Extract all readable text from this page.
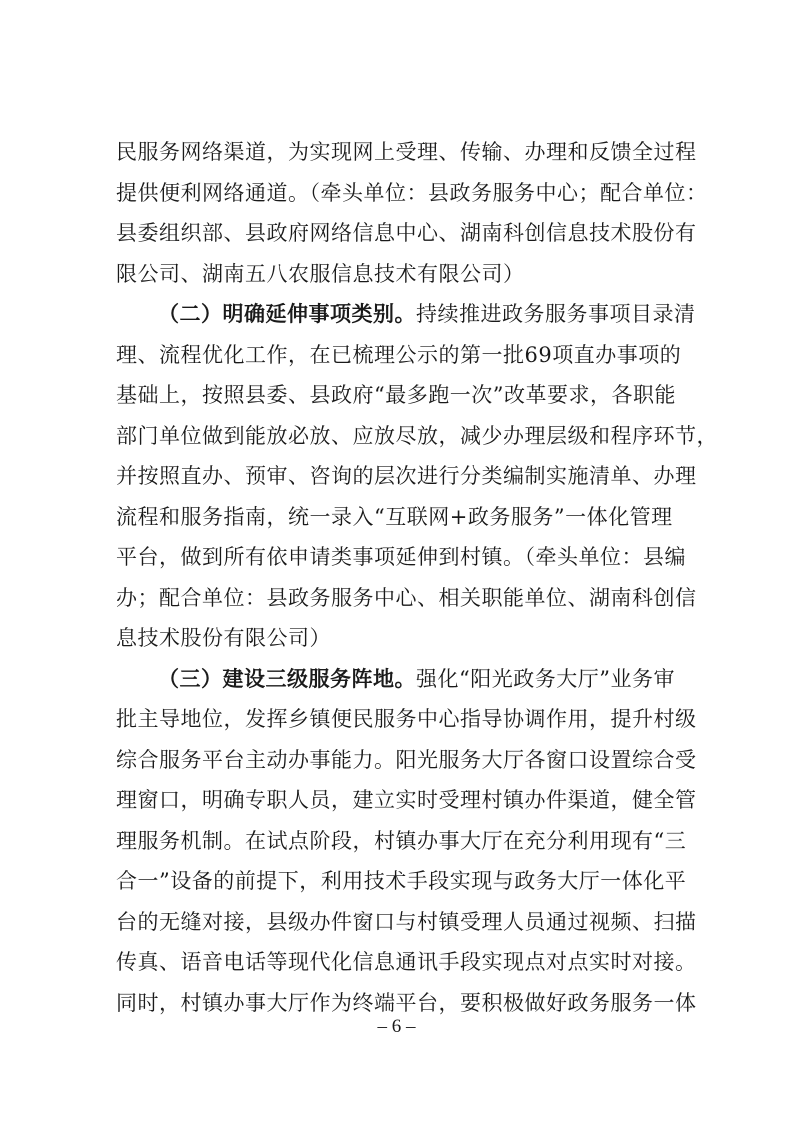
民服务网络渠道，为实现网上受理、传输、办理和反馈全过程
提供便利网络通道。（牵头单位：县政务服务中心；配合单位：
县委组织部、县政府网络信息中心、湖南科创信息技术股份有
限公司、湖南五八农服信息技术有限公司）
（二）明确延伸事项类别。持续推进政务服务事项目录清
理、流程优化工作，在已梳理公示的第一批69项直办事项的
基础上，按照县委、县政府“最多跑一次”改革要求，各职能
部门单位做到能放必放、应放尽放，减少办理层级和程序环节，
并按照直办、预审、咨询的层次进行分类编制实施清单、办理
流程和服务指南，统一录入“互联网+政务服务”一体化管理
平台，做到所有依申请类事项延伸到村镇。（牵头单位：县编
办；配合单位：县政务服务中心、相关职能单位、湖南科创信
息技术股份有限公司）
（三）建设三级服务阵地。强化“阳光政务大厅”业务审
批主导地位，发挥乡镇便民服务中心指导协调作用，提升村级
综合服务平台主动办事能力。阳光服务大厅各窗口设置综合受
理窗口，明确专职人员，建立实时受理村镇办件渠道，健全管
理服务机制。在试点阶段，村镇办事大厅在充分利用现有“三
合一”设备的前提下，利用技术手段实现与政务大厅一体化平
台的无缝对接，县级办件窗口与村镇受理人员通过视频、扫描
传真、语音电话等现代化信息通讯手段实现点对点实时对接。
同时，村镇办事大厅作为终端平台，要积极做好政务服务一体
– 6 –
